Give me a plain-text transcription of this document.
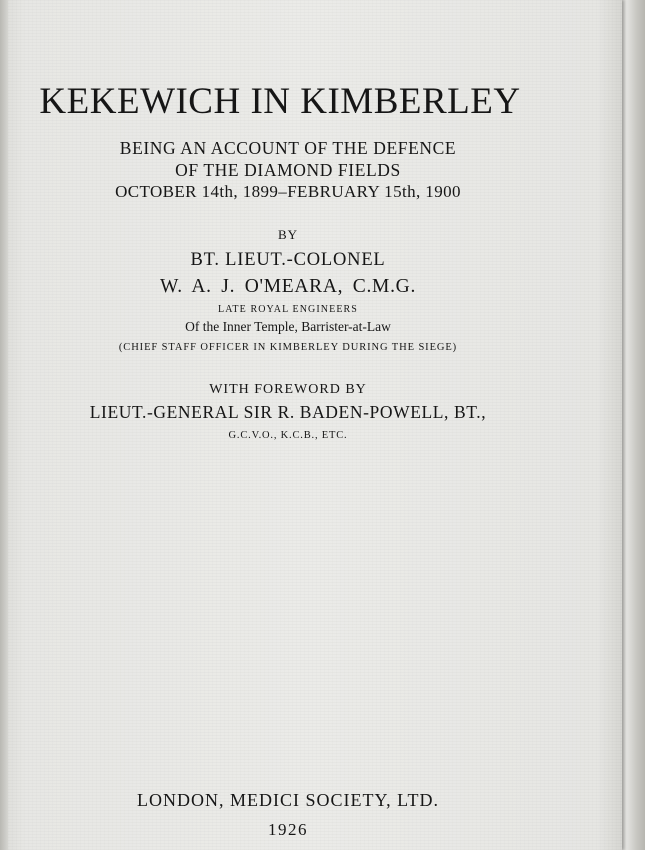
KEKEWICH IN KIMBERLEY
BEING AN ACCOUNT OF THE DEFENCE
OF THE DIAMOND FIELDS
OCTOBER 14th, 1899–FEBRUARY 15th, 1900
BY
BT. LIEUT.-COLONEL
W. A. J. O'MEARA, C.M.G.
LATE ROYAL ENGINEERS
Of the Inner Temple, Barrister-at-Law
(CHIEF STAFF OFFICER IN KIMBERLEY DURING THE SIEGE)
WITH FOREWORD BY
LIEUT.-GENERAL SIR R. BADEN-POWELL, BT.,
G.C.V.O., K.C.B., ETC.
LONDON, MEDICI SOCIETY, LTD.
1926
